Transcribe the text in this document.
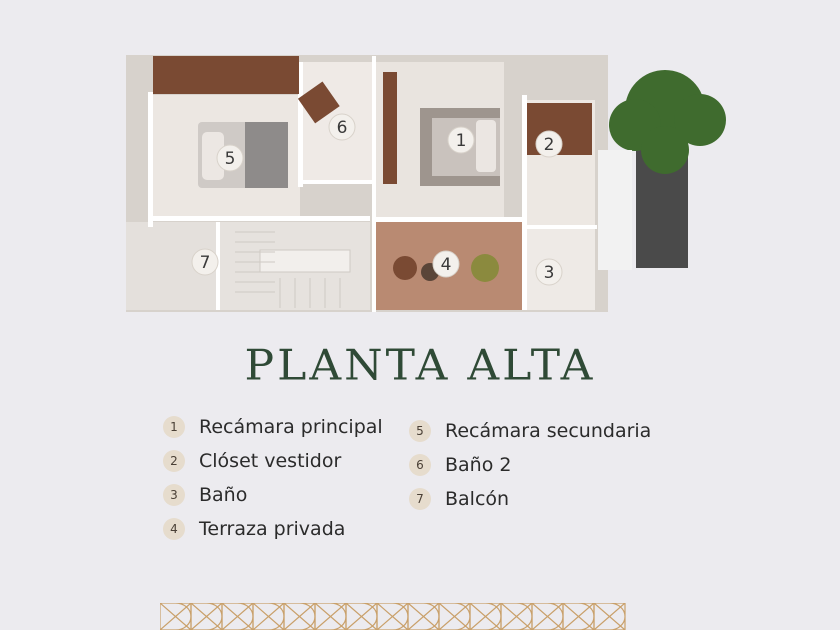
1	2
3
4
5
6
7
PLANTA ALTA
1	Recámara principal
2	Clóset vestidor
3	Baño
4	Terraza privada
5	Recámara secundaria
6	Baño 2
7	Balcón
